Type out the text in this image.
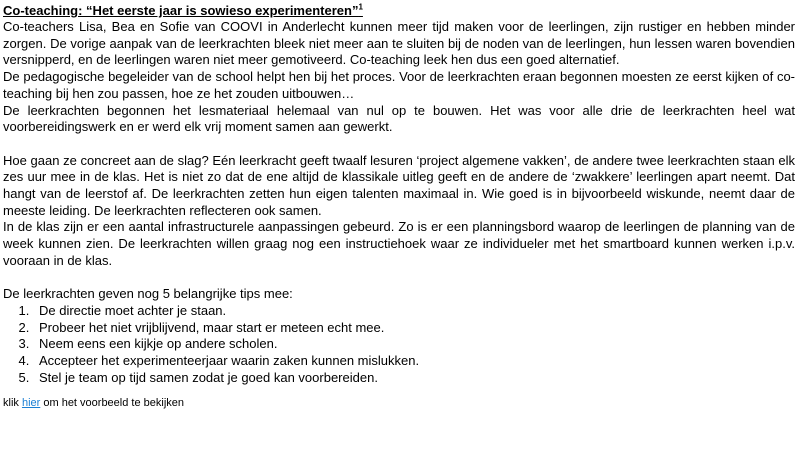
Co-teaching: “Het eerste jaar is sowieso experimenteren”$^1$

Co-teachers Lisa, Bea en Sofie van COOVI in Anderlecht kunnen meer tijd maken voor de leerlingen, zijn rustiger en hebben minder zorgen. De vorige aanpak van de leerkrachten bleek niet meer aan te sluiten bij de noden van de leerlingen, hun lessen waren bovendien versnipperd, en de leerlingen waren niet meer gemotiveerd. Co-teaching leek hen dus een goed alternatief.

De pedagogische begeleider van de school helpt hen bij het proces. Voor de leerkrachten eraan begonnen moesten ze eerst kijken of co-teaching bij hen zou passen, hoe ze het zouden uitbouwen…

De leerkrachten begonnen het lesmateriaal helemaal van nul op te bouwen. Het was voor alle drie de leerkrachten heel wat voorbereidingswerk en er werd elk vrij moment samen aan gewerkt.

Hoe gaan ze concreet aan de slag? Eén leerkracht geeft twaalf lesuren ‘project algemene vakken’, de andere twee leerkrachten staan elk zes uur mee in de klas. Het is niet zo dat de ene altijd de klassikale uitleg geeft en de andere de ‘zwakkere’ leerlingen apart neemt. Dat hangt van de leerstof af. De leerkrachten zetten hun eigen talenten maximaal in. Wie goed is in bijvoorbeeld wiskunde, neemt daar de meeste leiding. De leerkrachten reflecteren ook samen.

In de klas zijn er een aantal infrastructurele aanpassingen gebeurd. Zo is er een planningsbord waarop de leerlingen de planning van de week kunnen zien. De leerkrachten willen graag nog een instructiehoek waar ze individueler met het smartboard kunnen werken i.p.v. vooraan in de klas.

De leerkrachten geven nog 5 belangrijke tips mee:

1. De directie moet achter je staan.
2. Probeer het niet vrijblijvend, maar start er meteen echt mee.
3. Neem eens een kijkje op andere scholen.
4. Accepteer het experimenteerjaar waarin zaken kunnen mislukken.
5. Stel je team op tijd samen zodat je goed kan voorbereiden.
klik hier om het voorbeeld te bekijken
